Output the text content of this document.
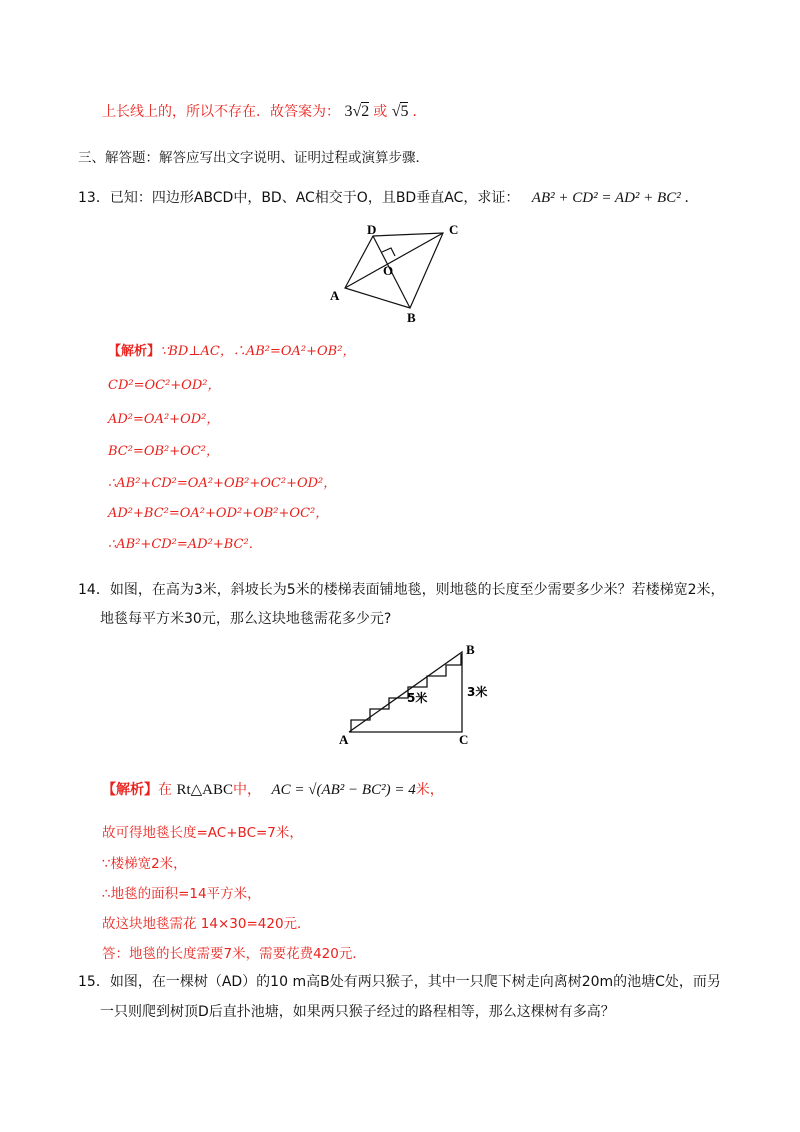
上长线上的，所以不存在．故答案为： 3√2 或 √5 ．
三、解答题：解答应写出文字说明、证明过程或演算步骤．
13．已知：四边形ABCD中，BD、AC相交于O，且BD垂直AC，求证： AB² + CD² = AD² + BC² ．
D	C
O
A
B
【解析】∵BD⊥AC，∴AB²=OA²+OB²，
CD²=OC²+OD²，
AD²=OA²+OD²，
BC²=OB²+OC²，
∴AB²+CD²=OA²+OB²+OC²+OD²，
AD²+BC²=OA²+OD²+OB²+OC²，
∴AB²+CD²=AD²+BC²．
14．如图，在高为3米，斜坡长为5米的楼梯表面铺地毯，则地毯的长度至少需要多少米？若楼梯宽2米，
地毯每平方米30元，那么这块地毯需花多少元?
A	C
B
5米	3米
【解析】在 Rt△ABC中， AC = √(AB² − BC²) = 4米，
故可得地毯长度=AC+BC=7米，
∵楼梯宽2米，
∴地毯的面积=14平方米，
故这块地毯需花 14×30=420元．
答：地毯的长度需要7米，需要花费420元．
15．如图，在一棵树（AD）的10 m高B处有两只猴子，其中一只爬下树走向离树20m的池塘C处，而另
一只则爬到树顶D后直扑池塘，如果两只猴子经过的路程相等，那么这棵树有多高？
